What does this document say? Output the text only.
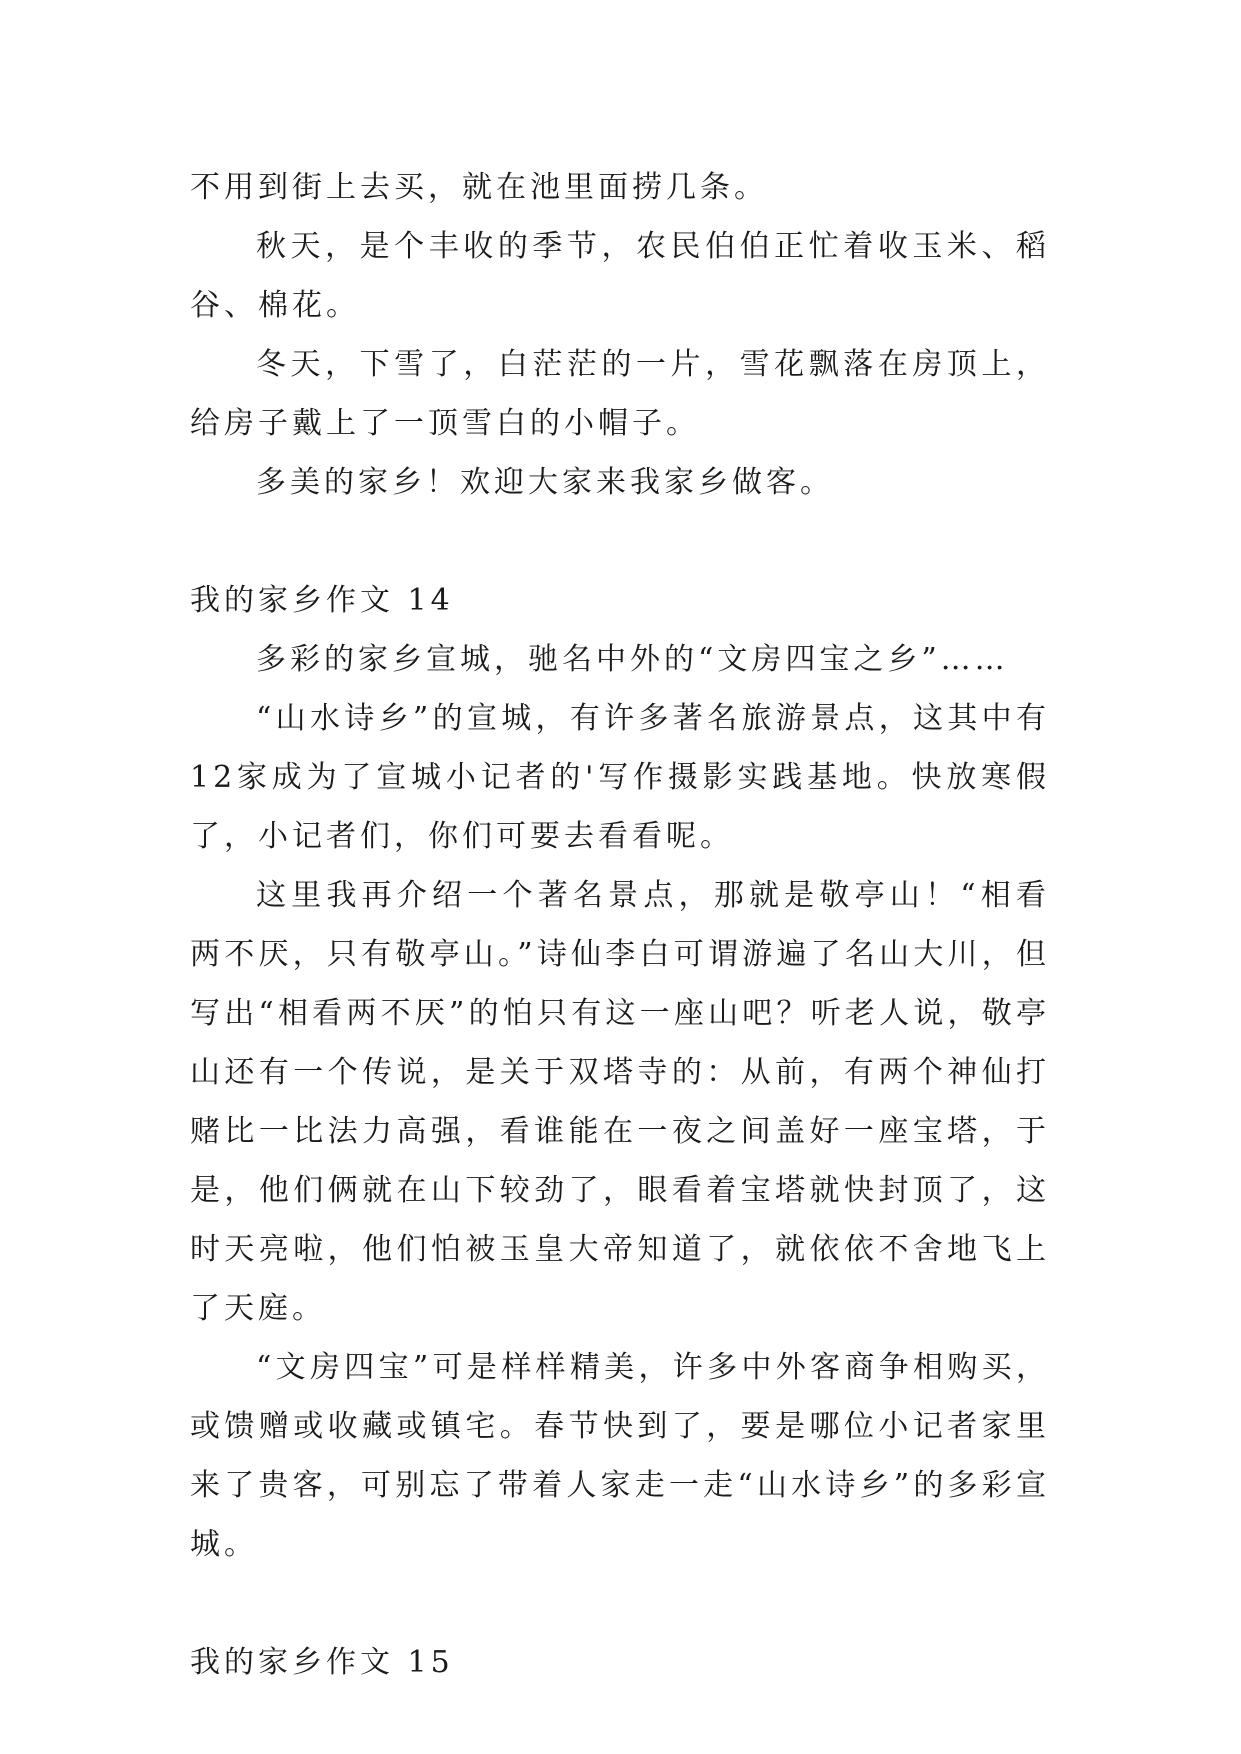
不用到街上去买，就在池里面捞几条。

秋天，是个丰收的季节，农民伯伯正忙着收玉米、稻谷、棉花。

冬天，下雪了，白茫茫的一片，雪花飘落在房顶上，给房子戴上了一顶雪白的小帽子。

多美的家乡！欢迎大家来我家乡做客。

我的家乡作文 14

多彩的家乡宣城，驰名中外的“文房四宝之乡”……

“山水诗乡”的宣城，有许多著名旅游景点，这其中有12家成为了宣城小记者的'写作摄影实践基地。快放寒假了，小记者们，你们可要去看看呢。

这里我再介绍一个著名景点，那就是敬亭山！“相看两不厌，只有敬亭山。”诗仙李白可谓游遍了名山大川，但写出“相看两不厌”的怕只有这一座山吧？听老人说，敬亭山还有一个传说，是关于双塔寺的：从前，有两个神仙打赌比一比法力高强，看谁能在一夜之间盖好一座宝塔，于是，他们俩就在山下较劲了，眼看着宝塔就快封顶了，这时天亮啦，他们怕被玉皇大帝知道了，就依依不舍地飞上了天庭。

“文房四宝”可是样样精美，许多中外客商争相购买，或馈赠或收藏或镇宅。春节快到了，要是哪位小记者家里来了贵客，可别忘了带着人家走一走“山水诗乡”的多彩宣城。

我的家乡作文 15
